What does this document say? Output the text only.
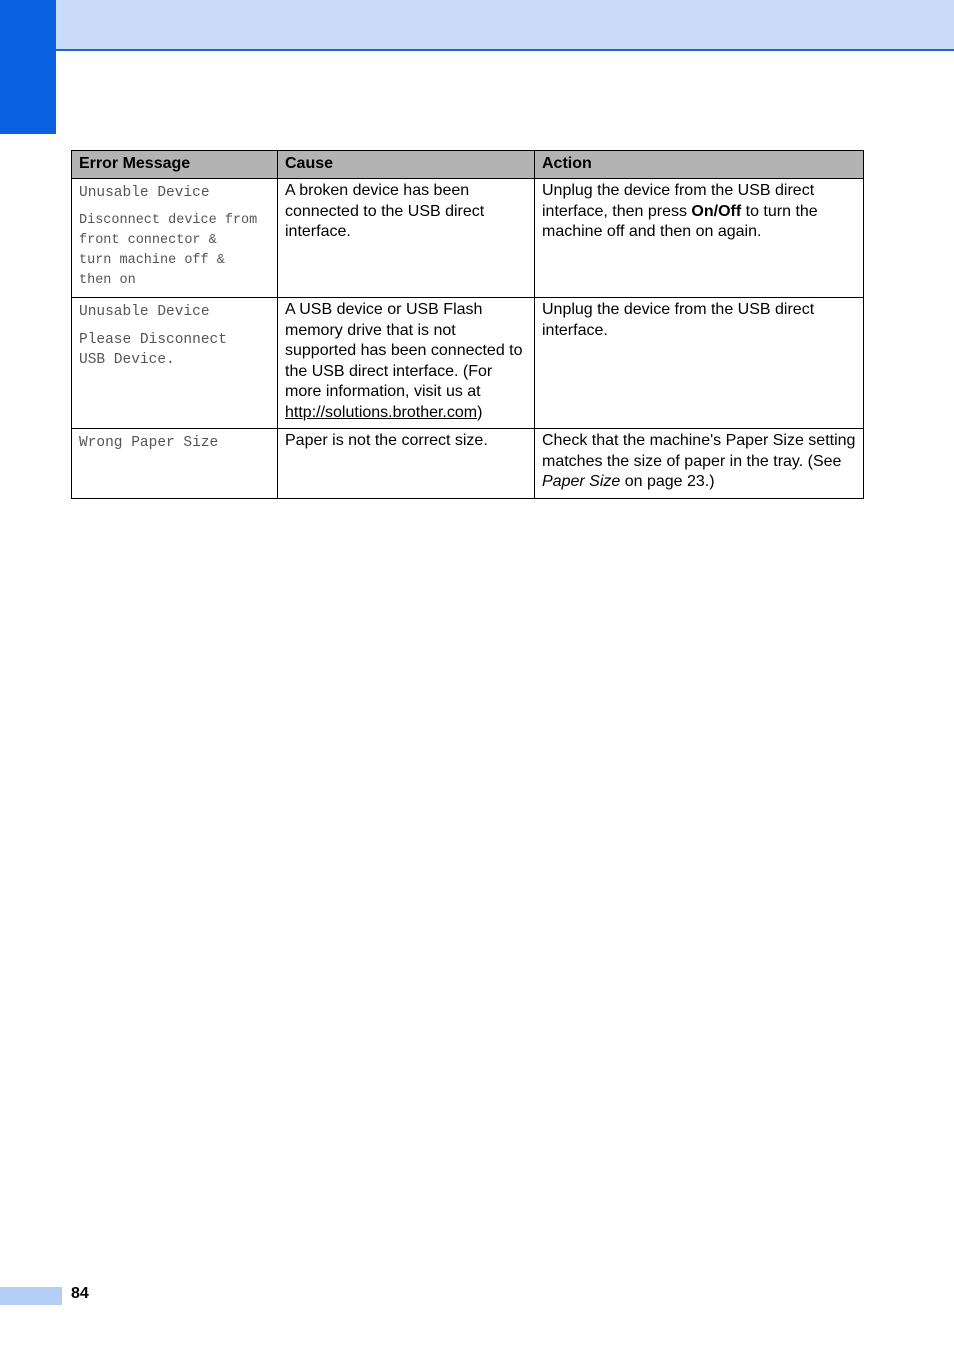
Error Message	Cause	Action

Unusable Device
Disconnect device from
front connector &
turn machine off &
then on	A broken device has been connected to the USB direct interface.	Unplug the device from the USB direct interface, then press On/Off to turn the machine off and then on again.

Unusable Device
Please Disconnect
USB Device.	A USB device or USB Flash memory drive that is not supported has been connected to the USB direct interface. (For more information, visit us at http://solutions.brother.com)	Unplug the device from the USB direct interface.

Wrong Paper Size	Paper is not the correct size.	Check that the machine's Paper Size setting matches the size of paper in the tray. (See Paper Size on page 23.)
84
